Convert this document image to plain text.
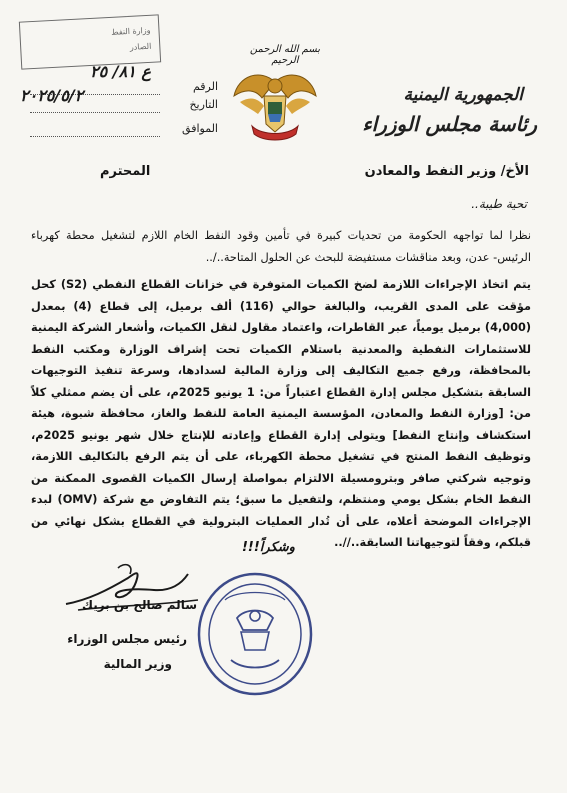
وزارة النفط
الصادر
الرقم
التاريخ
الموافق
ع ٨١/ ٢٥
٢٠٢٥/٥/٢
بسم الله الرحمن الرحيم
الجمهورية اليمنية
رئاسة مجلس الوزراء
الأخ/ وزير النفط والمعادن
المحترم
تحية طيبة..
نظرا لما تواجهه الحكومة من تحديات كبيرة في تأمين وقود النفط الخام اللازم لتشغيل محطة كهرباء الرئيس- عدن، وبعد مناقشات مستفيضة للبحث عن الحلول المتاحة../..
يتم اتخاذ الإجراءات اللازمة لضخ الكميات المتوفرة في خزانات القطاع النفطي (S2) كحل مؤقت على المدى القريب، والبالغة حوالي (116) ألف برميل، إلى قطاع (4) بمعدل (4,000) برميل يومياً، عبر القاطرات، واعتماد مقاول لنقل الكميات، وأشعار الشركة اليمنية للاستثمارات النفطية والمعدنية باستلام الكميات تحت إشراف الوزارة ومكتب النفط بالمحافظة، ورفع جميع التكاليف إلى وزارة المالية لسدادها، وسرعة تنفيذ التوجيهات السابقة بتشكيل مجلس إدارة القطاع اعتباراً من: 1 يونيو 2025م، على أن يضم ممثلي كلاً من: [وزارة النفط والمعادن، المؤسسة اليمنية العامة للنفط والغاز، محافظة شبوة، هيئة استكشاف وإنتاج النفط] ويتولى إدارة القطاع وإعادته للإنتاج خلال شهر يونيو 2025م، وتوظيف النفط المنتج في تشغيل محطة الكهرباء، على أن يتم الرفع بالتكاليف اللازمة، وتوجيه شركتي صافر وبترومسيلة الالتزام بمواصلة إرسال الكميات القصوى الممكنة من النفط الخام بشكل يومي ومنتظم، ولتفعيل ما سبق؛ يتم التفاوض مع شركة (OMV) لبدء الإجراءات الموضحة أعلاه، على أن تُدار العمليات البترولية في القطاع بشكل نهائي من قبلكم، وفقاً لتوجيهاتنا السابقة..//..
وشكراً!!!
سالم صالح بن بريك
رئيس مجلس الوزراء
وزير المالية
